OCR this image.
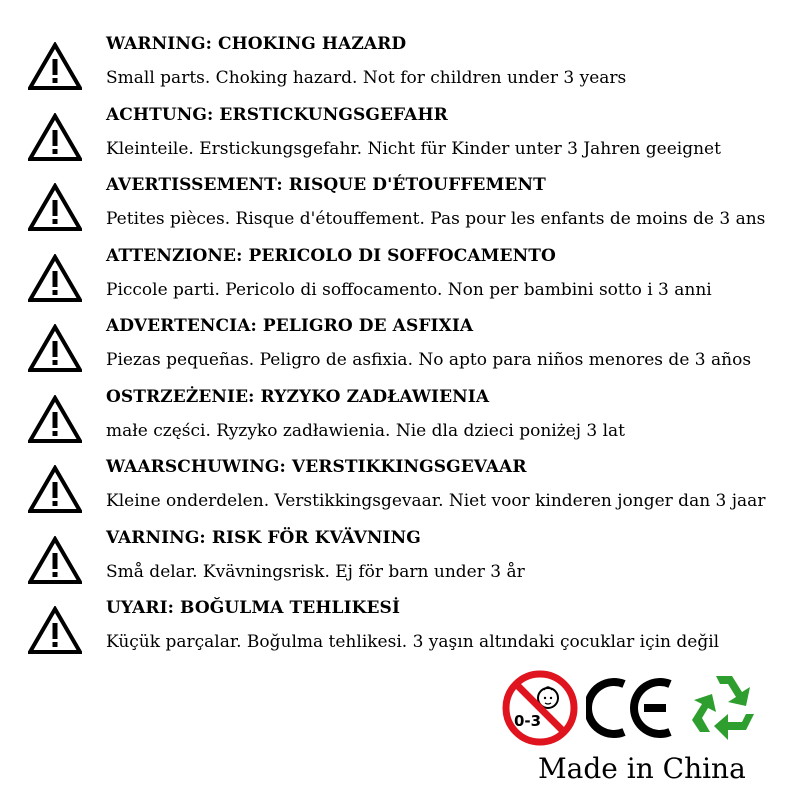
WARNING: CHOKING HAZARD
Small parts. Choking hazard. Not for children under 3 years
ACHTUNG: ERSTICKUNGSGEFAHR
Kleinteile. Erstickungsgefahr. Nicht für Kinder unter 3 Jahren geeignet
AVERTISSEMENT: RISQUE D'ÉTOUFFEMENT
Petites pièces. Risque d'étouffement. Pas pour les enfants de moins de 3 ans
ATTENZIONE: PERICOLO DI SOFFOCAMENTO
Piccole parti. Pericolo di soffocamento. Non per bambini sotto i 3 anni
ADVERTENCIA: PELIGRO DE ASFIXIA
Piezas pequeñas. Peligro de asfixia. No apto para niños menores de 3 años
OSTRZEŻENIE: RYZYKO ZADŁAWIENIA
małe części. Ryzyko zadławienia. Nie dla dzieci poniżej 3 lat
WAARSCHUWING: VERSTIKKINGSGEVAAR
Kleine onderdelen. Verstikkingsgevaar. Niet voor kinderen jonger dan 3 jaar
VARNING: RISK FÖR KVÄVNING
Små delar. Kvävningsrisk. Ej för barn under 3 år
UYARI: BOĞULMA TEHLIKESİ
Küçük parçalar. Boğulma tehlikesi. 3 yaşın altındaki çocuklar için değil
0-3
Made in China
